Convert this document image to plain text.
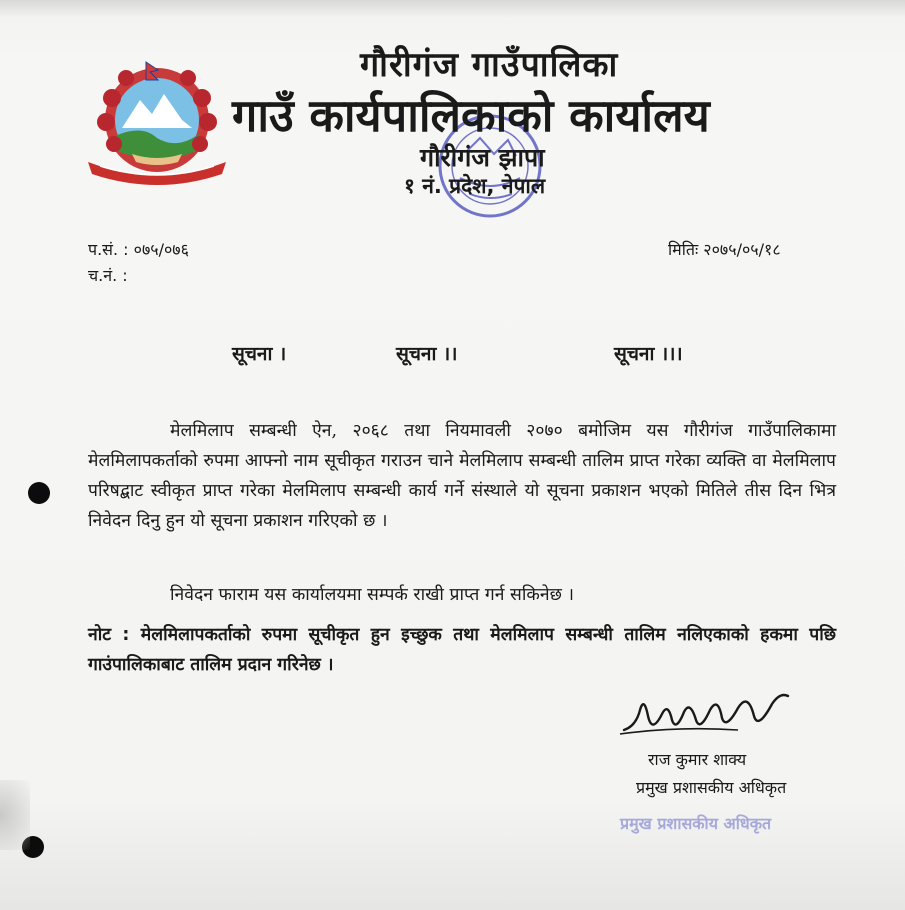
गौरीगंज गाउँपालिका
गाउँ कार्यपालिकाको कार्यालय
गौरीगंज झापा
१ नं. प्रदेश, नेपाल
प.सं. : ०७५/०७६
च.नं. :
मितिः २०७५/०५/१८
सूचना ।	सूचना ।।	सूचना ।।।
मेलमिलाप सम्बन्धी ऐन, २०६८ तथा नियमावली २०७० बमोजिम यस गौरीगंज गाउँपालिकामा मेलमिलापकर्ताको रुपमा आफ्नो नाम सूचीकृत गराउन चाने मेलमिलाप सम्बन्धी तालिम प्राप्त गरेका व्यक्ति वा मेलमिलाप परिषद्बाट स्वीकृत प्राप्त गरेका मेलमिलाप सम्बन्धी कार्य गर्ने संस्थाले यो सूचना प्रकाशन भएको मितिले तीस दिन भित्र निवेदन दिनु हुन यो सूचना प्रकाशन गरिएको छ ।
निवेदन फाराम यस कार्यालयमा सम्पर्क राखी प्राप्त गर्न सकिनेछ ।
नोट : मेलमिलापकर्ताको रुपमा सूचीकृत हुन इच्छुक तथा मेलमिलाप सम्बन्धी तालिम नलिएकाको हकमा पछि गाउंपालिकाबाट तालिम प्रदान गरिनेछ ।
राज कुमार शाक्य
प्रमुख प्रशासकीय अधिकृत
प्रमुख प्रशासकीय अधिकृत
